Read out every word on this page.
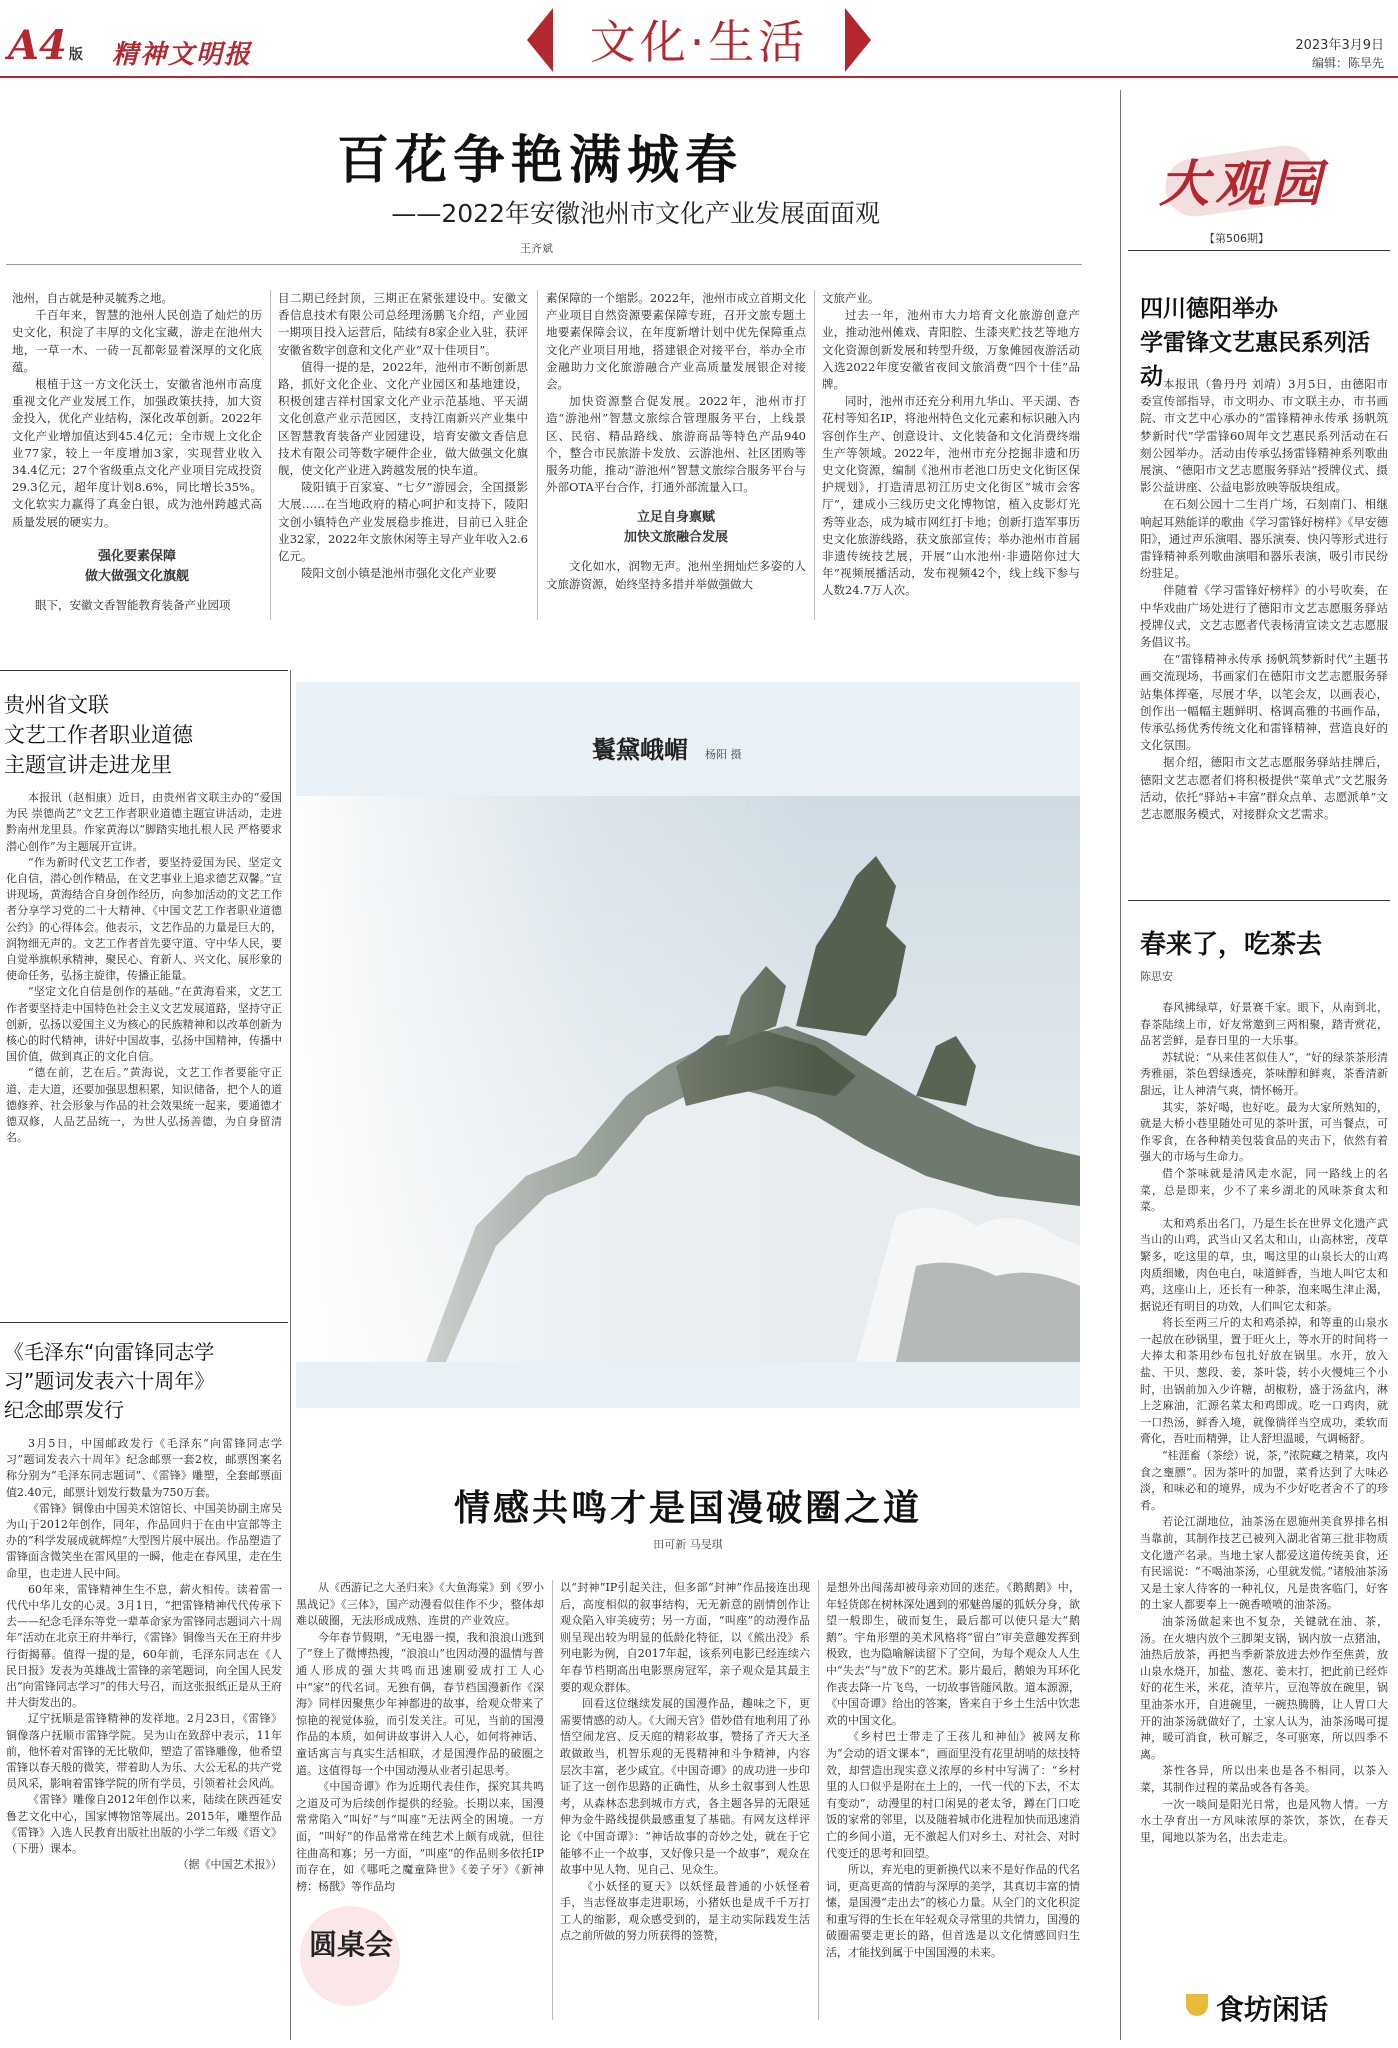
A4 版 精神文明报	文化·生活	2023年3月9日
编辑：陈旱先
百花争艳满城春
——2022年安徽池州市文化产业发展面面观
王齐斌

池州，自古就是种灵毓秀之地。

千百年来，智慧的池州人民创造了灿烂的历史文化，积淀了丰厚的文化宝藏，游走在池州大地，一草一木、一砖一瓦都彰显着深厚的文化底蕴。

根植于这一方文化沃土，安徽省池州市高度重视文化产业发展工作，加强政策扶持，加大资金投入，优化产业结构，深化改革创新。2022年文化产业增加值达到45.4亿元；全市规上文化企业77家，较上一年度增加3家，实现营业收入34.4亿元；27个省级重点文化产业项目完成投资29.3亿元，超年度计划8.6%，同比增长35%。文化软实力赢得了真金白银，成为池州跨越式高质量发展的硬实力。

强化要素保障
做大做强文化旗舰

眼下，安徽文香智能教育装备产业园项

目二期已经封顶，三期正在紧张建设中。安徽文香信息技术有限公司总经理汤鹏飞介绍，产业园一期项目投入运营后，陆续有8家企业入驻，获评安徽省数字创意和文化产业“双十佳项目”。

值得一提的是，2022年，池州市不断创新思路，抓好文化企业、文化产业园区和基地建设，积极创建吉祥村国家文化产业示范基地、平天湖文化创意产业示范园区，支持江南新兴产业集中区智慧教育装备产业园建设，培育安徽文香信息技术有限公司等数字硬件企业，做大做强文化旗舰，使文化产业进入跨越发展的快车道。

陵阳镇于百家宴、“七夕”游园会，全国摄影大展……在当地政府的精心呵护和支持下，陵阳文创小镇特色产业发展稳步推进，目前已入驻企业32家，2022年文旅休闲等主导产业年收入2.6亿元。

陵阳文创小镇是池州市强化文化产业要

素保障的一个缩影。2022年，池州市成立首期文化产业项目自然资源要素保障专班，召开文旅专题土地要素保障会议，在年度新增计划中优先保障重点文化产业项目用地，搭建银企对接平台，举办全市金融助力文化旅游融合产业高质量发展银企对接会。

加快资源整合促发展。2022年，池州市打造“游池州”智慧文旅综合管理服务平台，上线景区、民宿、精品路线、旅游商品等特色产品940个，整合市民旅游卡发放、云游池州、社区团购等服务功能，推动“游池州”智慧文旅综合服务平台与外部OTA平台合作，打通外部流量入口。

立足自身禀赋
加快文旅融合发展

文化如水，润物无声。池州坐拥灿烂多姿的人文旅游资源，始终坚持多措并举做强做大

文旅产业。

过去一年，池州市大力培育文化旅游创意产业，推动池州傩戏、青阳腔、生漆夹贮技艺等地方文化资源创新发展和转型升级，万象傩园夜游活动入选2022年度安徽省夜间文旅消费“四个十佳”品牌。

同时，池州市还充分利用九华山、平天湖、杏花村等知名IP，将池州特色文化元素和标识融入内容创作生产、创意设计、文化装备和文化消费终端生产等领域。2022年，池州市充分挖掘非遗和历史文化资源，编制《池州市老池口历史文化街区保护规划》，打造清思初江历史文化街区“城市会客厅”，建成小三线历史文化博物馆，植入皮影灯光秀等业态，成为城市网红打卡地；创新打造军事历史文化旅游线路，获文旅部宣传；举办池州市首届非遗传统技艺展，开展“山水池州·非遗陪你过大年”视频展播活动，发布视频42个，线上线下参与人数24.7万人次。

大观园
【第506期】
四川德阳举办
学雷锋文艺惠民系列活动 本报讯（鲁丹丹 刘靖）3月5日，由德阳市委宣传部指导，市文明办、市文联主办，市书画院、市文艺中心承办的“雷锋精神永传承 扬帆筑梦新时代”学雷锋60周年文艺惠民系列活动在石刻公园举办。活动由传承弘扬雷锋精神系列歌曲展演、“德阳市文艺志愿服务驿站”授牌仪式、摄影公益讲座、公益电影放映等版块组成。

在石刻公园十二生肖广场，石刻南门、相继响起耳熟能详的歌曲《学习雷锋好榜样》《早安德阳》，通过声乐演唱、器乐演奏、快闪等形式进行雷锋精神系列歌曲演唱和器乐表演，吸引市民纷纷驻足。

伴随着《学习雷锋好榜样》的小号吹奏，在中华戏曲广场处进行了德阳市文艺志愿服务驿站授牌仪式，文艺志愿者代表杨清宣读文艺志愿服务倡议书。

在“雷锋精神永传承 扬帆筑梦新时代”主题书画交流现场，书画家们在德阳市文艺志愿服务驿站集体挥毫，尽展才华，以笔会友，以画表心，创作出一幅幅主题鲜明、格调高雅的书画作品，传承弘扬优秀传统文化和雷锋精神，营造良好的文化氛围。

据介绍，德阳市文艺志愿服务驿站挂牌后，德阳文艺志愿者们将积极提供“菜单式”文艺服务活动，依托“驿站+丰富”群众点单、志愿派单”文艺志愿服务模式，对接群众文艺需求。

春来了，吃茶去
陈思安

春风拂绿草，好景赛千家。眼下，从南到北，春茶陆续上市，好友常邀到三两相聚，踏青赏花，品茗尝鲜，是春日里的一大乐事。

苏轼说：“从来佳茗似佳人”，“好的绿茶茶形清秀雅丽，茶色碧绿透亮，茶味醇和鲜爽，茶香清新甜远，让人神清气爽，情怀畅开。

其实，茶好喝，也好吃。最为大家所熟知的，就是大桥小巷里随处可见的茶叶蛋，可当餐点，可作零食，在各种精美包装食品的夹击下，依然有着强大的市场与生命力。

借个茶味就是清风走水泥，同一路线上的名菜，总是即来，少不了来乡湖北的风味茶食太和菜。

太和鸡系出名门，乃是生长在世界文化遗产武当山的山鸡，武当山又名太和山，山高林密，茂草繁多，吃这里的草，虫，喝这里的山泉长大的山鸡肉质细嫩，肉色电白，味道鲜香，当地人叫它太和鸡，这座山上，还长有一种茶，泡来喝生津止渴，据说还有明目的功效，人们叫它太和茶。

将长至两三斤的太和鸡杀掉，和等重的山泉水一起放在砂锅里，置于旺火上，等水开的时间将一大捧太和茶用纱布包扎好放在锅里。水开，放入盐、干贝、葱段、姜，茶叶袋，转小火慢炖三个小时，出锅前加入少许糖，胡椒粉，盛于汤盆内，淋上芝麻油，汇源名菜太和鸡即成。吃一口鸡肉，就一口热汤，鲜香入境，就像徜徉当空成功，柔软而膏化，吾吐而精弹，让人舒坦温暖，气调畅舒。

“桂涯畜（茶绘）说，茶，”浓院藏之精菜，攻内食之壅膘”。因为茶叶的加盟，菜肴达到了大味必淡，和味必和的境界，成为不少好吃者舍不了的珍肴。

若论江湖地位，油茶汤在恩施州美食界排名相当靠前，其制作技艺已被列入湖北省第三批非物质文化遗产名录。当地土家人都爱这道传统美食，还有民谣说：“不喝油茶汤，心里就发慌。”诸般油茶汤又是土家人待客的一种礼仪，凡是贵客临门，好客的土家人都要奉上一碗香喷喷的油茶汤。

油茶汤做起来也不复杂，关键就在油、茶，汤。在火塘内放个三脚架支锅，锅内放一点猪油，油热后放茶，再把当季新茶放进去炒作至焦黄，放山泉水烧开，加盐、葱花、姜末打，把此前已经炸好的花生米，米花，渣苹片，豆泡等放在碗里，锅里油茶水开，自进碗里，一碗热腾腾，让人胃口大开的油茶汤就做好了，土家人认为，油茶汤喝可提神，暖可消食，秋可解乏，冬可驱寒，所以四季不离。

茶性各异，所以出来也是各不相同，以茶入菜，其制作过程的菜品或各有各美。

一次一啖间是阳光日常，也是风物人情。一方水土孕育出一方风味浓厚的茶饮，茶饮，在春天里，闻地以茶为名，出去走走。

食坊闲话
贵州省文联
文艺工作者职业道德
主题宣讲走进龙里

本报讯（赵相康）近日，由贵州省文联主办的“爱国为民 崇德尚艺”文艺工作者职业道德主题宣讲活动，走进黔南州龙里县。作家黄海以“脚踏实地扎根人民 严格要求潜心创作”为主题展开宣讲。

“作为新时代文艺工作者，要坚持爱国为民、坚定文化自信，潜心创作精品，在文艺事业上追求德艺双馨。”宣讲现场，黄海结合自身创作经历，向参加活动的文艺工作者分享学习党的二十大精神、《中国文艺工作者职业道德公约》的心得体会。他表示，文艺作品的力量是巨大的，润物细无声的。文艺工作者首先要守道、守中华人民，要自觉举旗帜承精神，聚民心、育新人、兴文化、展形象的使命任务，弘扬主旋律，传播正能量。

“坚定文化自信是创作的基础。”在黄海看来，文艺工作者要坚持走中国特色社会主义文艺发展道路，坚持守正创新，弘扬以爱国主义为核心的民族精神和以改革创新为核心的时代精神，讲好中国故事，弘扬中国精神，传播中国价值，做到真正的文化自信。

“德在前，艺在后。”黄海说，文艺工作者要能守正道、走大道，还要加强思想积累，知识储备，把个人的道德修养、社会形象与作品的社会效果统一起来，要通德才德双修，人品艺品统一，为世人弘扬善德，为自身留清名。

《毛泽东“向雷锋同志学
习”题词发表六十周年》
纪念邮票发行

3月5日，中国邮政发行《毛泽东“向雷锋同志学习”题词发表六十周年》纪念邮票一套2枚，邮票图案名称分别为“毛泽东同志题词”、《雷锋》雕塑，全套邮票面值2.40元，邮票计划发行数量为750万套。

《雷锋》铜像由中国美术馆馆长、中国美协副主席吴为山于2012年创作，同年，作品回归于在由中宣部等主办的“科学发展成就辉煌”大型图片展中展出。作品塑造了雷锋面含微笑坐在雷风里的一瞬，他走在春风里，走在生命里，也走进人民中间。

60年来，雷锋精神生生不息，薪火相传。读着雷一代代中华儿女的心灵。3月1日，“把雷锋精神代代传承下去——纪念毛泽东等党一辈革命家为雷锋同志题词六十周年”活动在北京王府井举行，《雷锋》铜像当天在王府井步行街揭幕。值得一提的是，60年前，毛泽东同志在《人民日报》发表为英雄战士雷锋的亲笔题词，向全国人民发出“向雷锋同志学习”的伟大号召，而这张报纸正是从王府井大街发出的。

辽宁抚顺是雷锋精神的发祥地。2月23日，《雷锋》铜像落户抚顺市雷锋学院。吴为山在致辞中表示，11年前，他怀着对雷锋的无比敬仰，塑造了雷锋雕像，他希望雷锋以春天般的微笑，带着助人为乐、大公无私的共产党员风采，影响着雷锋学院的所有学员，引领着社会风尚。

《雷锋》雕像自2012年创作以来，陆续在陕西延安鲁艺文化中心，国家博物馆等展出。2015年，雕塑作品《雷锋》入选人民教育出版社出版的小学二年级《语文》（下册）课本。

（据《中国艺术报》）
鬟黛峨嵋 杨阳 摄
情感共鸣才是国漫破圈之道
田可新 马旻琪

从《西游记之大圣归来》《大鱼海棠》到《罗小黑战记》《三体》，国产动漫看似佳作不少，整体却难以破圈，无法形成成熟、连贯的产业效应。

今年春节假期，“无电器一摸，我和浪浪山逃到了”登上了微博热搜，“浪浪山”也因动漫的温情与普通人形成的强大共鸣而迅速刷爱成打工人心中“家”的代名词。无独有偶，春节档国漫新作《深海》同样因聚焦少年神都进的故事，给观众带来了惊艳的视觉体验，而引发关注。可见，当前的国漫作品的本质，如何讲故事讲入人心，如何将神话、童话寓言与真实生活相联，才是国漫作品的破圈之道。这值得每一个中国动漫从业者引起思考。

《中国奇谭》作为近期代表佳作，探究其共鸣之道及可为后续创作提供的经验。长期以来，国漫常常陷入“叫好”与“叫座”无法两全的困境。一方面，“叫好”的作品常常在纯艺术上颇有成就，但往往曲高和寡；另一方面，“叫座”的作品则多依托IP而存在，如《哪吒之魔童降世》《姜子牙》《新神榜：杨戬》等作品均

圆桌会

以“封神”IP引起关注，但多部“封神”作品接连出现后，高度相似的叙事结构，无无新意的剧情创作让观众陷入审美疲劳；另一方面，“叫座”的动漫作品则呈现出较为明显的低龄化特征，以《熊出没》系列电影为例，自2017年起，该系列电影已经连续六年春节档期高出电影票房冠军，亲子观众是其最主要的观众群体。

回看这位继续发展的国漫作品，趣味之下，更需要情感的动人。《大闹天宫》借妙借有地利用了孙悟空闹龙宫、反天庭的精彩故事，赞扬了齐天大圣敢做敢当，机智乐观的无畏精神和斗争精神，内容层次丰富，老少咸宜。《中国奇谭》的成功进一步印证了这一创作思路的正确性，从乡土叙事到人性思考，从森林态悲到城市方式，各主题各异的无限延伸为金牛路线提供最感重复了基础。有网友这样评论《中国奇谭》：“神话故事的奇妙之处，就在于它能够不止一个故事，又好像只是一个故事”，观众在故事中见人物、见自己、见众生。

《小妖怪的夏天》以妖怪最普通的小妖怪着手，当志怪故事走进职场，小猪妖也是成千千万打工人的缩影，观众感受到的，是主动实际践发生活点之前所做的努力所获得的签赞，

是想外出闯荡却被母亲劝回的迷茫。《鹅鹅鹅》中，年轻货郎在树林深处遇到的邪魅兽屡的狐妖分身，欲望一般即生，破而复生，最后都可以使只是大“鹅鹅”。宇角形塑的美术风格将“留白”审美意趣发挥到极致，也为隐喻解读留下了空间，为每个观众人人生中“失去”与“放下”的艺术。影片最后，鹅娘为耳环化作丧去降一片飞鸟，一切故事皆随风散。道本源源，《中国奇谭》给出的答案，皆来自于乡土生活中饮悲欢的中国文化。

《乡村巴士带走了王孩儿和神仙》被网友称为“会动的语文课本”，画面里没有花里胡哨的炫技特效，却营造出现实意义浓厚的乡村中写满了：“乡村里的人口似乎是附在土上的，一代一代的下去，不太有变动”，动漫里的村口闲晃的老太爷，蹲在门口吃饭的家常的邻里，以及随着城市化进程加快而迅速消亡的乡间小道，无不激起人们对乡土、对社会、对时代变迁的思考和回望。

所以，弃光电的更新换代以来不是好作品的代名词，更高更高的情韵与深厚的美学，其真切丰富的情愫，是国漫“走出去”的核心力量。从全门的文化积淀和重写得的生长在年轻观众寻常里的共情力，国漫的破圈需要走更长的路，但首选是以文化情感回归生活，才能找到属于中国国漫的未来。
